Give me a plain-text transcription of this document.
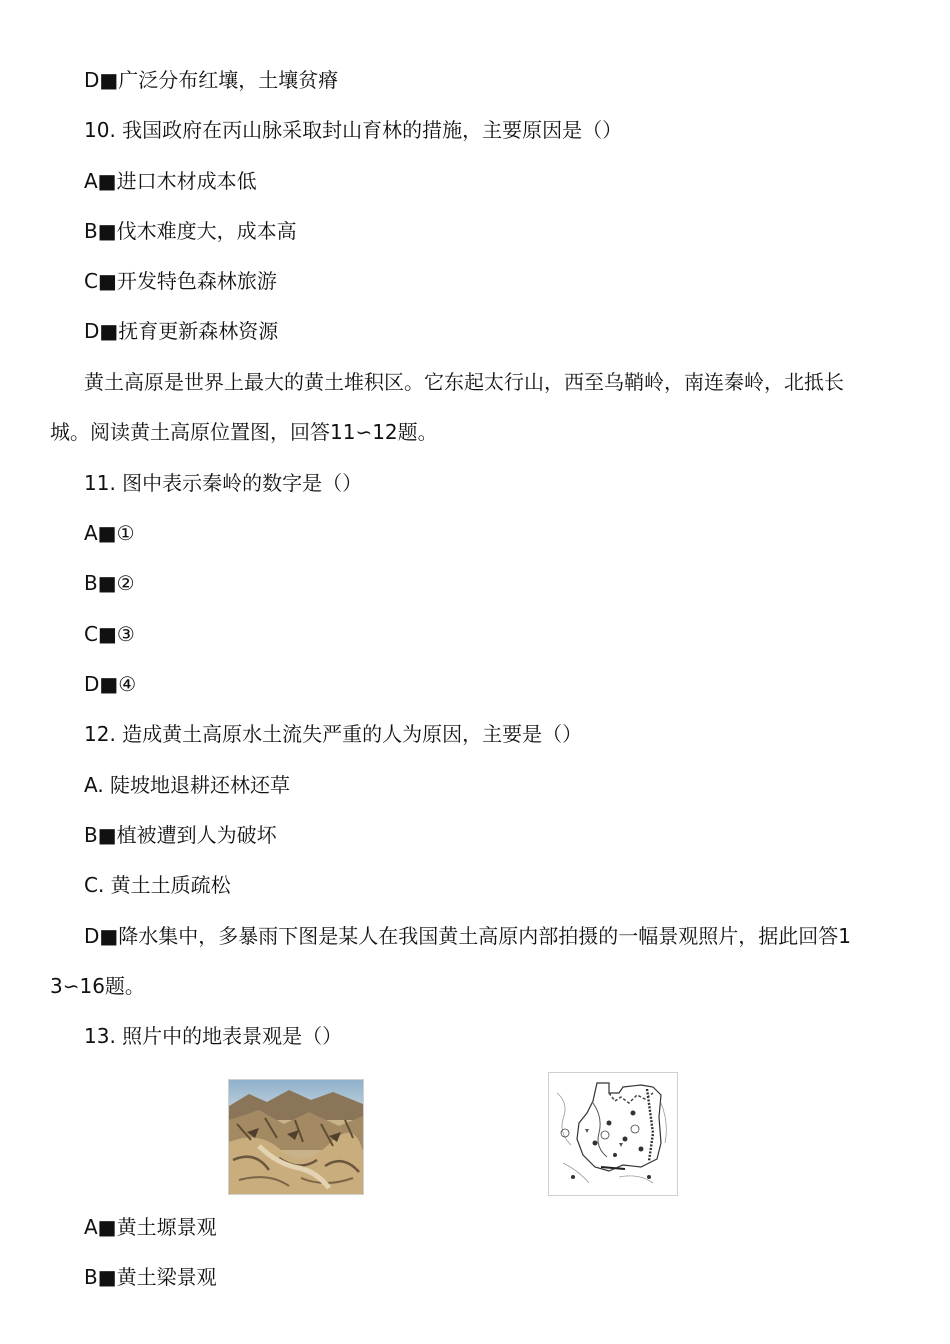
D■广泛分布红壤，土壤贫瘠
10. 我国政府在丙山脉采取封山育林的措施，主要原因是（）
A■进口木材成本低
B■伐木难度大，成本高
C■开发特色森林旅游
D■抚育更新森林资源
黄土高原是世界上最大的黄土堆积区。它东起太行山，西至乌鞘岭，南连秦岭，北抵长
城。阅读黄土高原位置图，回答11∽12题。
11. 图中表示秦岭的数字是（）
A■①
B■②
C■③
D■④
12. 造成黄土高原水土流失严重的人为原因，主要是（）
A. 陡坡地退耕还林还草
B■植被遭到人为破坏
C. 黄土土质疏松
D■降水集中，多暴雨下图是某人在我国黄土高原内部拍摄的一幅景观照片，据此回答1
3∽16题。
13. 照片中的地表景观是（）
A■黄土塬景观
B■黄土梁景观
